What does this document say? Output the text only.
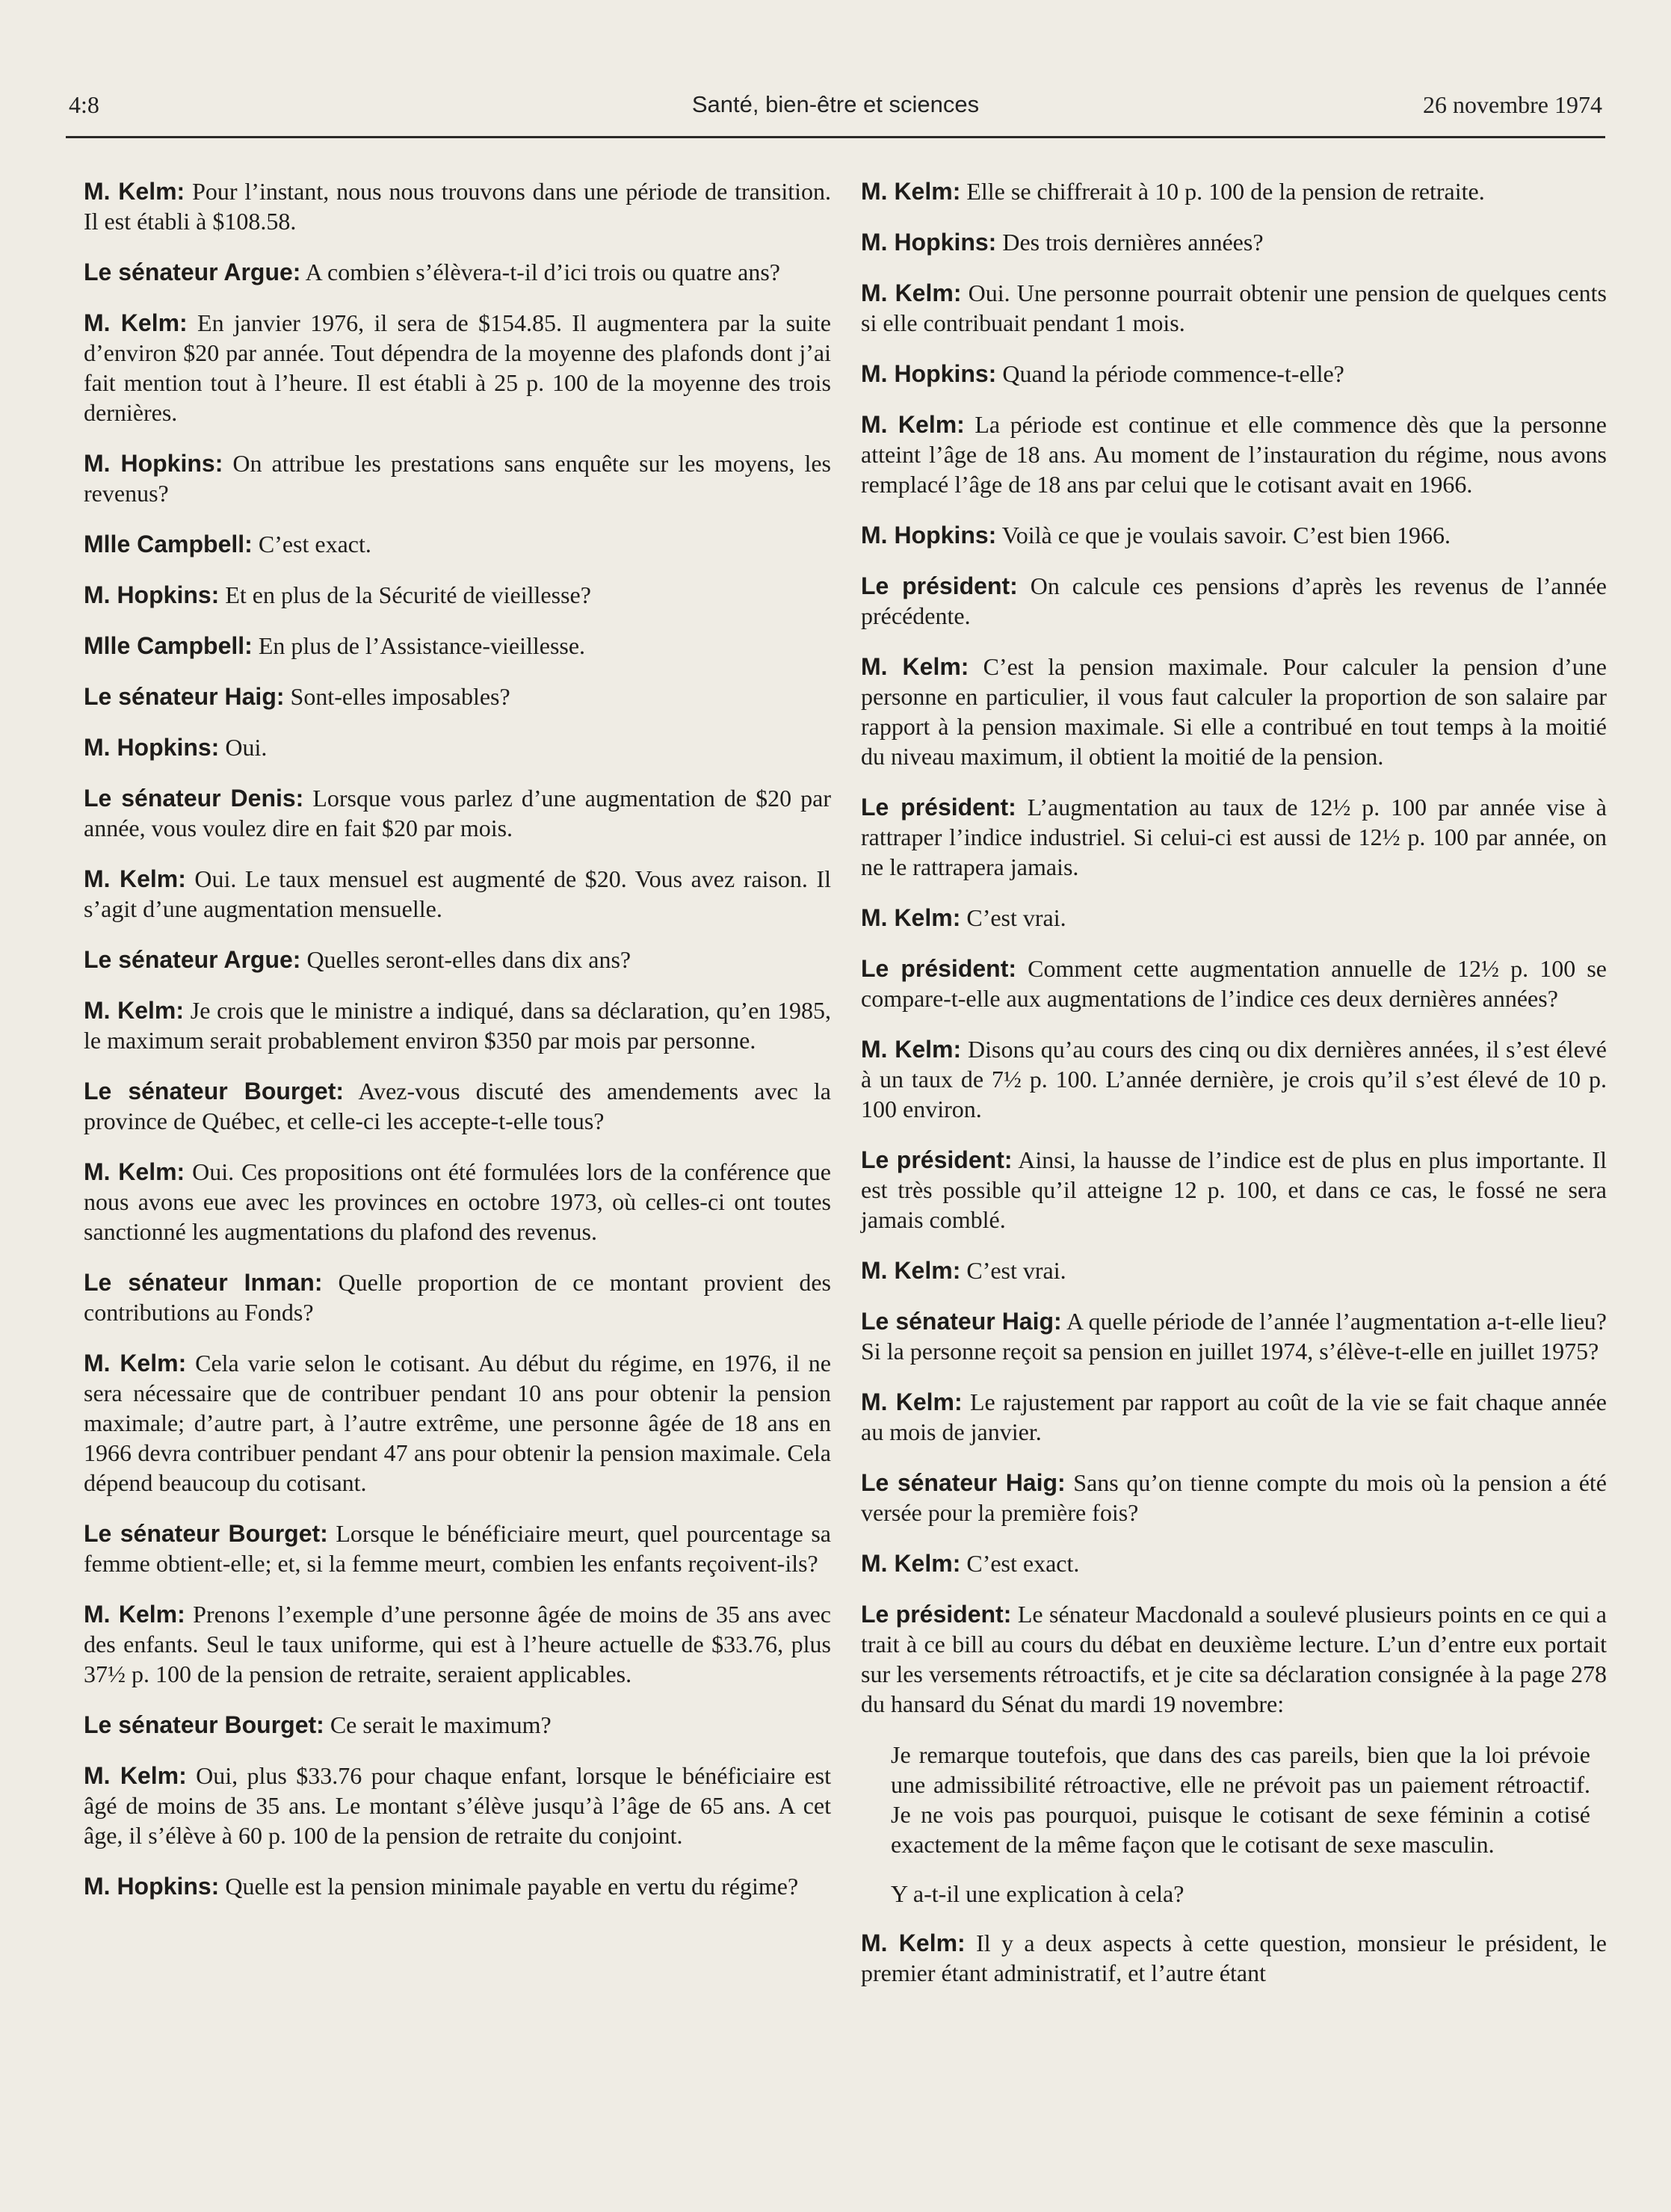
4:8	Santé, bien-être et sciences	26 novembre 1974

M. Kelm: Pour l’instant, nous nous trouvons dans une période de transition. Il est établi à $108.58.

Le sénateur Argue: A combien s’élèvera-t-il d’ici trois ou quatre ans?

M. Kelm: En janvier 1976, il sera de $154.85. Il augmentera par la suite d’environ $20 par année. Tout dépendra de la moyenne des plafonds dont j’ai fait mention tout à l’heure. Il est établi à 25 p. 100 de la moyenne des trois dernières.

M. Hopkins: On attribue les prestations sans enquête sur les moyens, les revenus?

Mlle Campbell: C’est exact.

M. Hopkins: Et en plus de la Sécurité de vieillesse?

Mlle Campbell: En plus de l’Assistance-vieillesse.

Le sénateur Haig: Sont-elles imposables?

M. Hopkins: Oui.

Le sénateur Denis: Lorsque vous parlez d’une augmentation de $20 par année, vous voulez dire en fait $20 par mois.

M. Kelm: Oui. Le taux mensuel est augmenté de $20. Vous avez raison. Il s’agit d’une augmentation mensuelle.

Le sénateur Argue: Quelles seront-elles dans dix ans?

M. Kelm: Je crois que le ministre a indiqué, dans sa déclaration, qu’en 1985, le maximum serait probablement environ $350 par mois par personne.

Le sénateur Bourget: Avez-vous discuté des amendements avec la province de Québec, et celle-ci les accepte-t-elle tous?

M. Kelm: Oui. Ces propositions ont été formulées lors de la conférence que nous avons eue avec les provinces en octobre 1973, où celles-ci ont toutes sanctionné les augmentations du plafond des revenus.

Le sénateur Inman: Quelle proportion de ce montant provient des contributions au Fonds?

M. Kelm: Cela varie selon le cotisant. Au début du régime, en 1976, il ne sera nécessaire que de contribuer pendant 10 ans pour obtenir la pension maximale; d’autre part, à l’autre extrême, une personne âgée de 18 ans en 1966 devra contribuer pendant 47 ans pour obtenir la pension maximale. Cela dépend beaucoup du cotisant.

Le sénateur Bourget: Lorsque le bénéficiaire meurt, quel pourcentage sa femme obtient-elle; et, si la femme meurt, combien les enfants reçoivent-ils?

M. Kelm: Prenons l’exemple d’une personne âgée de moins de 35 ans avec des enfants. Seul le taux uniforme, qui est à l’heure actuelle de $33.76, plus 37½ p. 100 de la pension de retraite, seraient applicables.

Le sénateur Bourget: Ce serait le maximum?

M. Kelm: Oui, plus $33.76 pour chaque enfant, lorsque le bénéficiaire est âgé de moins de 35 ans. Le montant s’élève jusqu’à l’âge de 65 ans. A cet âge, il s’élève à 60 p. 100 de la pension de retraite du conjoint.

M. Hopkins: Quelle est la pension minimale payable en vertu du régime?

M. Kelm: Elle se chiffrerait à 10 p. 100 de la pension de retraite.

M. Hopkins: Des trois dernières années?

M. Kelm: Oui. Une personne pourrait obtenir une pension de quelques cents si elle contribuait pendant 1 mois.

M. Hopkins: Quand la période commence-t-elle?

M. Kelm: La période est continue et elle commence dès que la personne atteint l’âge de 18 ans. Au moment de l’instauration du régime, nous avons remplacé l’âge de 18 ans par celui que le cotisant avait en 1966.

M. Hopkins: Voilà ce que je voulais savoir. C’est bien 1966.

Le président: On calcule ces pensions d’après les revenus de l’année précédente.

M. Kelm: C’est la pension maximale. Pour calculer la pension d’une personne en particulier, il vous faut calculer la proportion de son salaire par rapport à la pension maximale. Si elle a contribué en tout temps à la moitié du niveau maximum, il obtient la moitié de la pension.

Le président: L’augmentation au taux de 12½ p. 100 par année vise à rattraper l’indice industriel. Si celui-ci est aussi de 12½ p. 100 par année, on ne le rattrapera jamais.

M. Kelm: C’est vrai.

Le président: Comment cette augmentation annuelle de 12½ p. 100 se compare-t-elle aux augmentations de l’indice ces deux dernières années?

M. Kelm: Disons qu’au cours des cinq ou dix dernières années, il s’est élevé à un taux de 7½ p. 100. L’année dernière, je crois qu’il s’est élevé de 10 p. 100 environ.

Le président: Ainsi, la hausse de l’indice est de plus en plus importante. Il est très possible qu’il atteigne 12 p. 100, et dans ce cas, le fossé ne sera jamais comblé.

M. Kelm: C’est vrai.

Le sénateur Haig: A quelle période de l’année l’augmentation a-t-elle lieu? Si la personne reçoit sa pension en juillet 1974, s’élève-t-elle en juillet 1975?

M. Kelm: Le rajustement par rapport au coût de la vie se fait chaque année au mois de janvier.

Le sénateur Haig: Sans qu’on tienne compte du mois où la pension a été versée pour la première fois?

M. Kelm: C’est exact.

Le président: Le sénateur Macdonald a soulevé plusieurs points en ce qui a trait à ce bill au cours du débat en deuxième lecture. L’un d’entre eux portait sur les versements rétroactifs, et je cite sa déclaration consignée à la page 278 du hansard du Sénat du mardi 19 novembre:

Je remarque toutefois, que dans des cas pareils, bien que la loi prévoie une admissibilité rétroactive, elle ne prévoit pas un paiement rétroactif. Je ne vois pas pourquoi, puisque le cotisant de sexe féminin a cotisé exactement de la même façon que le cotisant de sexe masculin.

Y a-t-il une explication à cela?

M. Kelm: Il y a deux aspects à cette question, monsieur le président, le premier étant administratif, et l’autre étant
